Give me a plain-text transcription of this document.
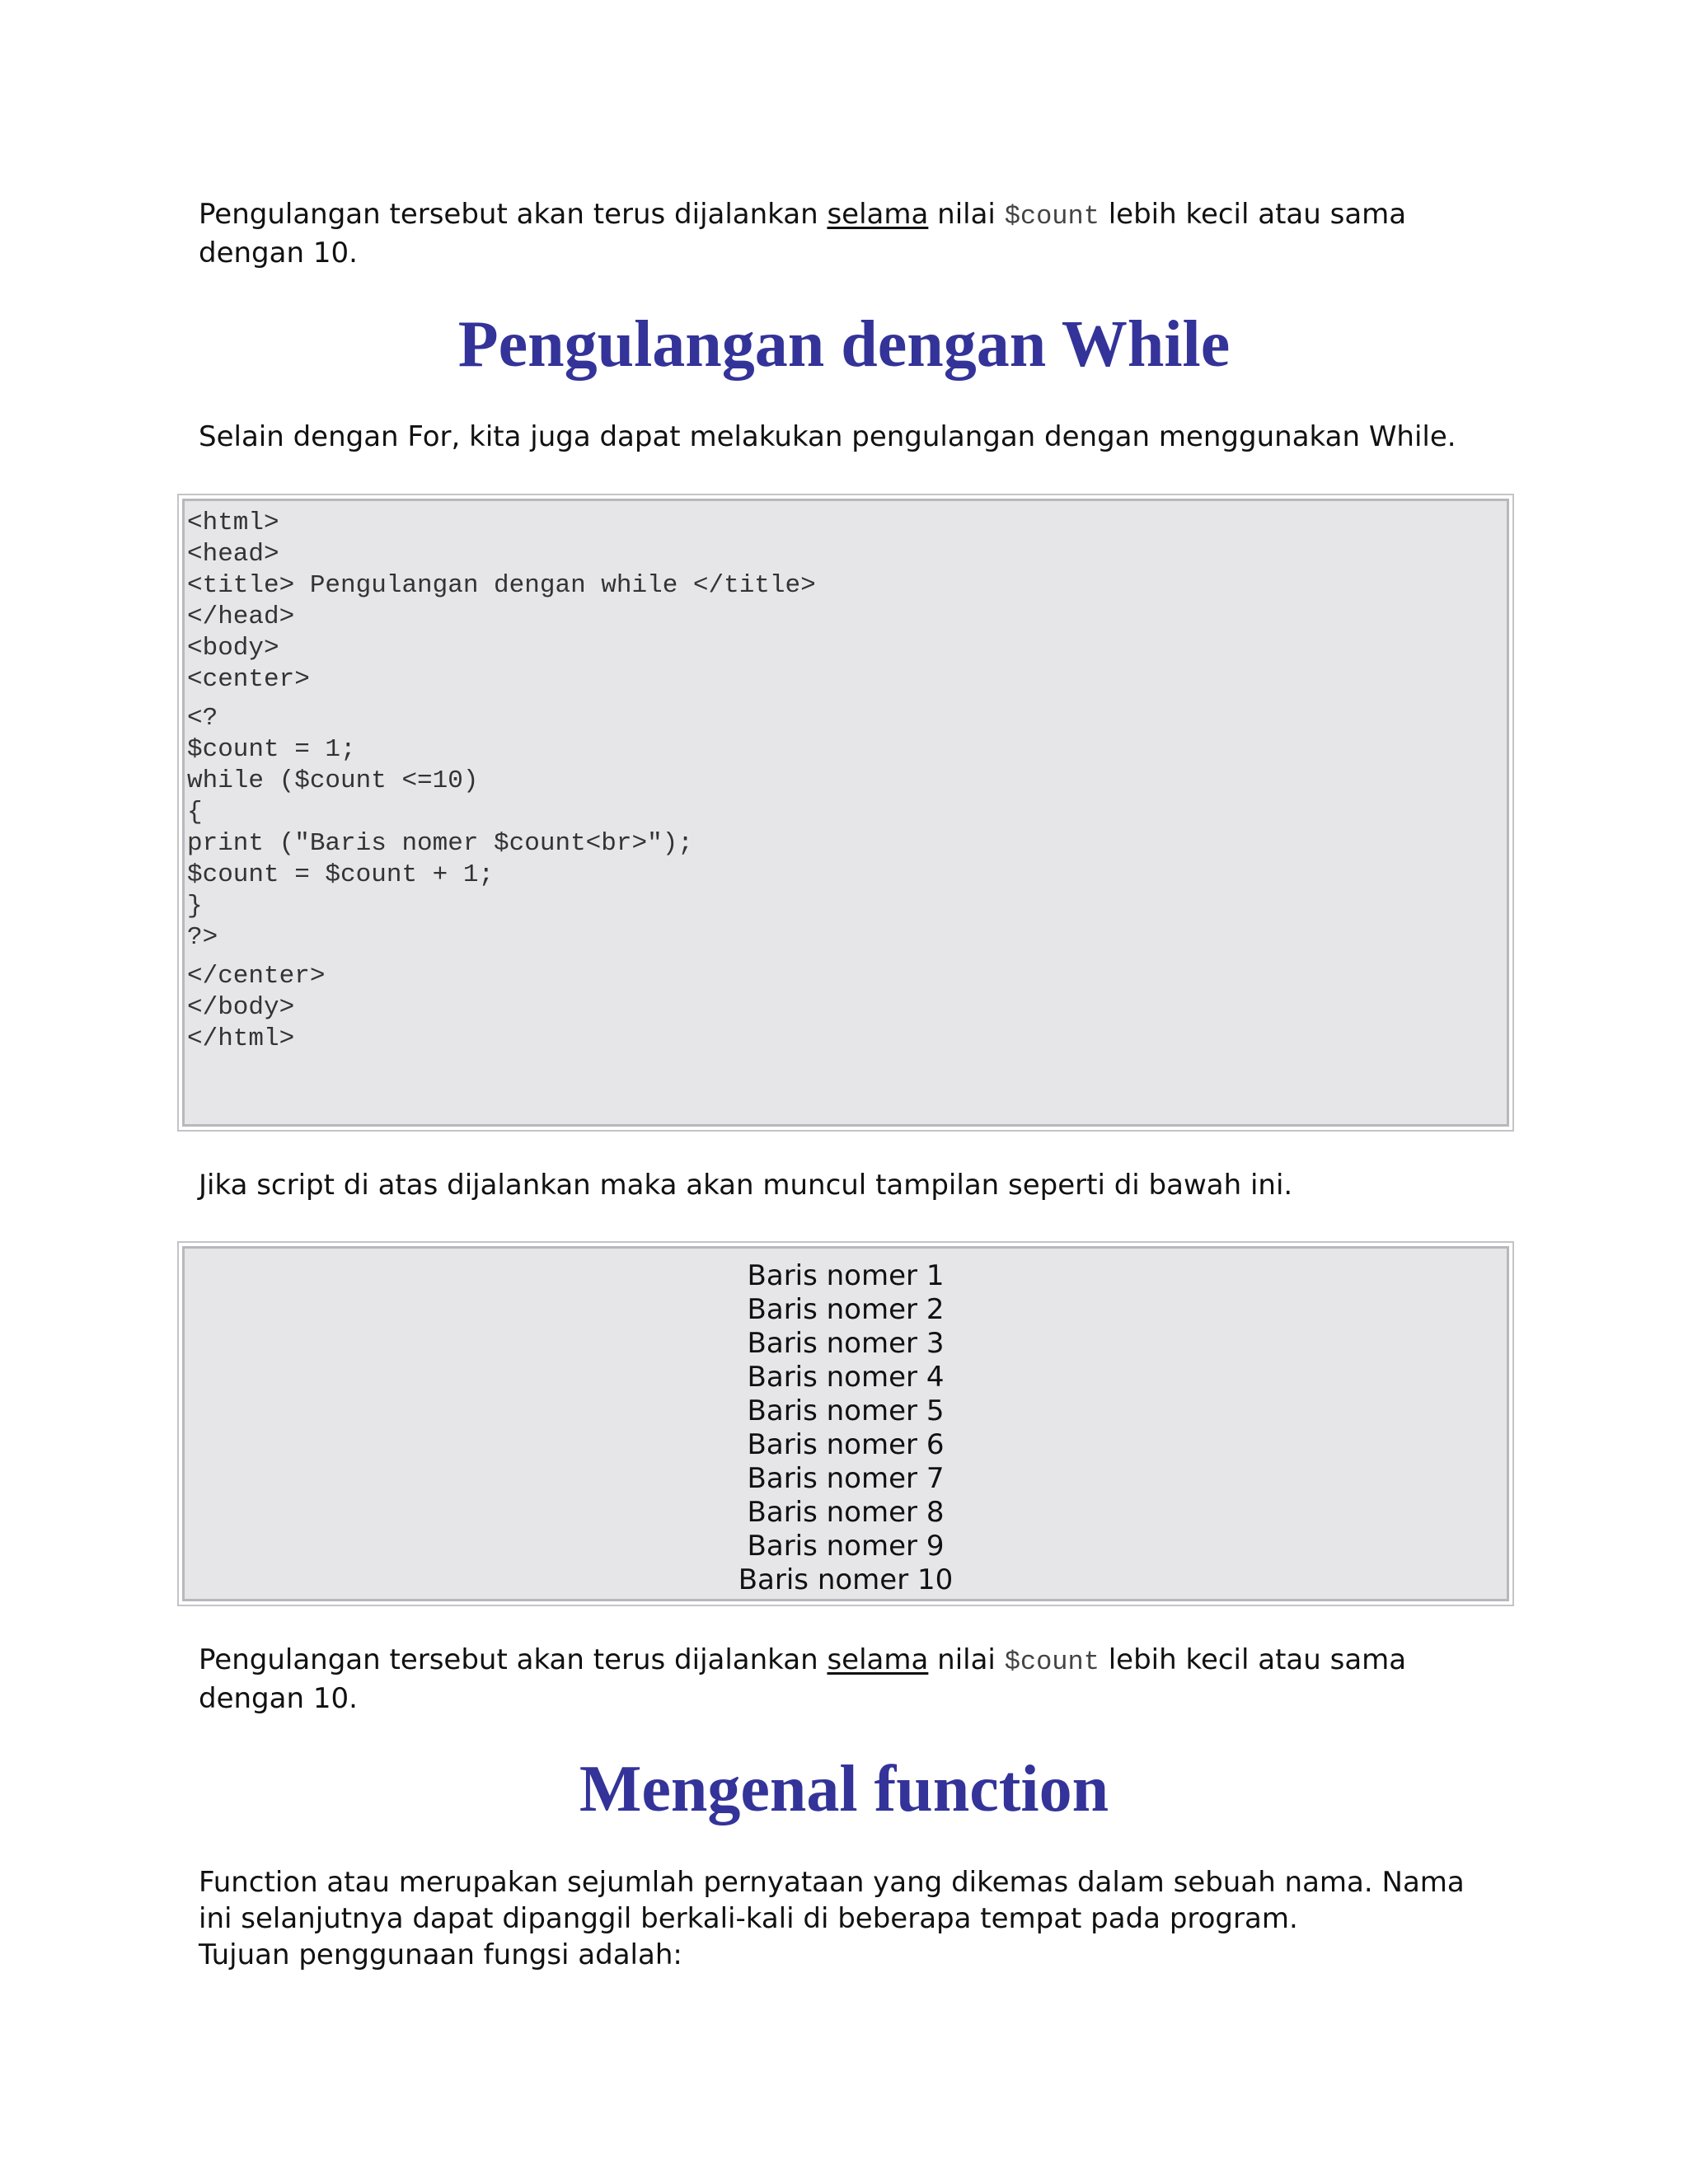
Pengulangan tersebut akan terus dijalankan selama nilai $count lebih kecil atau sama dengan 10.

Pengulangan dengan While

Selain dengan For, kita juga dapat melakukan pengulangan dengan menggunakan While.

<html>
<head>
<title> Pengulangan dengan while </title>
</head>
<body>
<center>
<?
$count = 1;
while ($count <=10)
{
print ("Baris nomer $count<br>");
$count = $count + 1;
}
?>
</center>
</body>
</html>

Jika script di atas dijalankan maka akan muncul tampilan seperti di bawah ini.

Baris nomer 1
Baris nomer 2
Baris nomer 3
Baris nomer 4
Baris nomer 5
Baris nomer 6
Baris nomer 7
Baris nomer 8
Baris nomer 9
Baris nomer 10

Pengulangan tersebut akan terus dijalankan selama nilai $count lebih kecil atau sama dengan 10.

Mengenal function

Function atau merupakan sejumlah pernyataan yang dikemas dalam sebuah nama. Nama ini selanjutnya dapat dipanggil berkali-kali di beberapa tempat pada program.
Tujuan penggunaan fungsi adalah:
